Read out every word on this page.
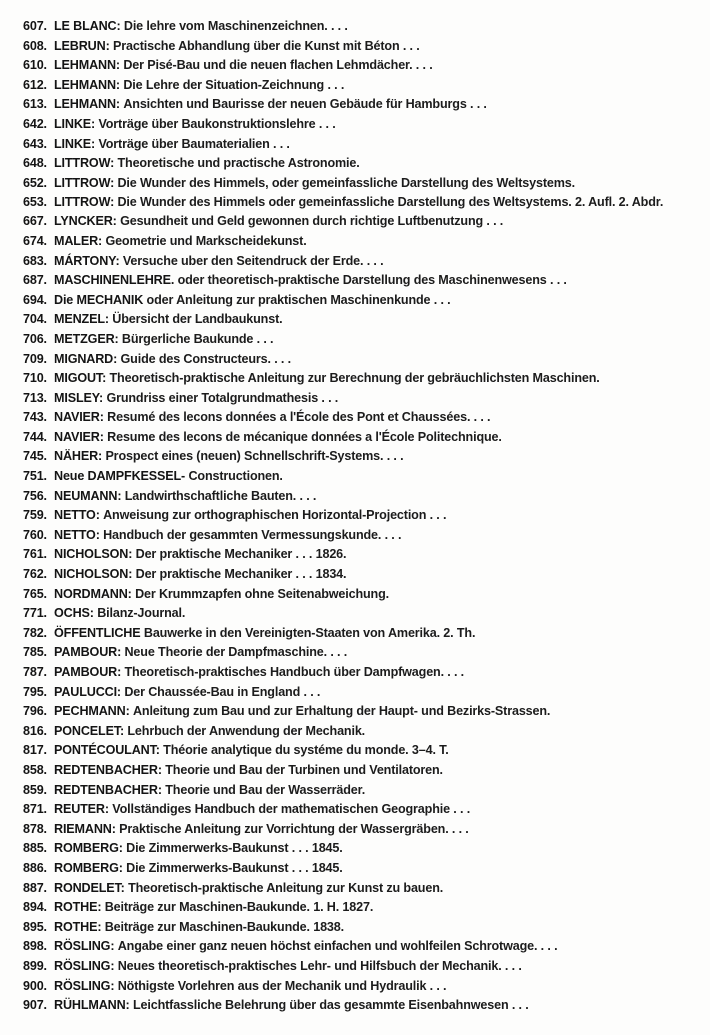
607. LE BLANC: Die lehre vom Maschinenzeichnen. . . .
608. LEBRUN: Practische Abhandlung über die Kunst mit Béton . . .
610. LEHMANN: Der Pisé-Bau und die neuen flachen Lehmdächer. . . .
612. LEHMANN: Die Lehre der Situation-Zeichnung . . .
613. LEHMANN: Ansichten und Baurisse der neuen Gebäude für Hamburgs . . .
642. LINKE: Vorträge über Baukonstruktionslehre . . .
643. LINKE: Vorträge über Baumaterialien . . .
648. LITTROW: Theoretische und practische Astronomie.
652. LITTROW: Die Wunder des Himmels, oder gemeinfassliche Darstellung des Weltsystems.
653. LITTROW: Die Wunder des Himmels oder gemeinfassliche Darstellung des Weltsystems. 2. Aufl. 2. Abdr.
667. LYNCKER: Gesundheit und Geld gewonnen durch richtige Luftbenutzung . . .
674. MALER: Geometrie und Markscheidekunst.
683. MÁRTONY: Versuche uber den Seitendruck der Erde. . . .
687. MASCHINENLEHRE. oder theoretisch-praktische Darstellung des Maschinenwesens . . .
694. Die MECHANIK oder Anleitung zur praktischen Maschinenkunde . . .
704. MENZEL: Übersicht der Landbaukunst.
706. METZGER: Bürgerliche Baukunde . . .
709. MIGNARD: Guide des Constructeurs. . . .
710. MIGOUT: Theoretisch-praktische Anleitung zur Berechnung der gebräuchlichsten Maschinen.
713. MISLEY: Grundriss einer Totalgrundmathesis . . .
743. NAVIER: Resumé des lecons données a l'École des Pont et Chaussées. . . .
744. NAVIER: Resume des lecons de mécanique données a l'École Politechnique.
745. NÄHER: Prospect eines (neuen) Schnellschrift-Systems. . . .
751. Neue DAMPFKESSEL- Constructionen.
756. NEUMANN: Landwirthschaftliche Bauten. . . .
759. NETTO: Anweisung zur orthographischen Horizontal-Projection . . .
760. NETTO: Handbuch der gesammten Vermessungskunde. . . .
761. NICHOLSON: Der praktische Mechaniker . . . 1826.
762. NICHOLSON: Der praktische Mechaniker . . . 1834.
765. NORDMANN: Der Krummzapfen ohne Seitenabweichung.
771. OCHS: Bilanz-Journal.
782. ÖFFENTLICHE Bauwerke in den Vereinigten-Staaten von Amerika. 2. Th.
785. PAMBOUR: Neue Theorie der Dampfmaschine. . . .
787. PAMBOUR: Theoretisch-praktisches Handbuch über Dampfwagen. . . .
795. PAULUCCI: Der Chaussée-Bau in England . . .
796. PECHMANN: Anleitung zum Bau und zur Erhaltung der Haupt- und Bezirks-Strassen.
816. PONCELET: Lehrbuch der Anwendung der Mechanik.
817. PONTÉCOULANT: Théorie analytique du systéme du monde. 3–4. T.
858. REDTENBACHER: Theorie und Bau der Turbinen und Ventilatoren.
859. REDTENBACHER: Theorie und Bau der Wasserräder.
871. REUTER: Vollständiges Handbuch der mathematischen Geographie . . .
878. RIEMANN: Praktische Anleitung zur Vorrichtung der Wassergräben. . . .
885. ROMBERG: Die Zimmerwerks-Baukunst . . . 1845.
886. ROMBERG: Die Zimmerwerks-Baukunst . . . 1845.
887. RONDELET: Theoretisch-praktische Anleitung zur Kunst zu bauen.
894. ROTHE: Beiträge zur Maschinen-Baukunde. 1. H. 1827.
895. ROTHE: Beiträge zur Maschinen-Baukunde. 1838.
898. RÖSLING: Angabe einer ganz neuen höchst einfachen und wohlfeilen Schrotwage. . . .
899. RÖSLING: Neues theoretisch-praktisches Lehr- und Hilfsbuch der Mechanik. . . .
900. RÖSLING: Nöthigste Vorlehren aus der Mechanik und Hydraulik . . .
907. RÜHLMANN: Leichtfassliche Belehrung über das gesammte Eisenbahnwesen . . .
